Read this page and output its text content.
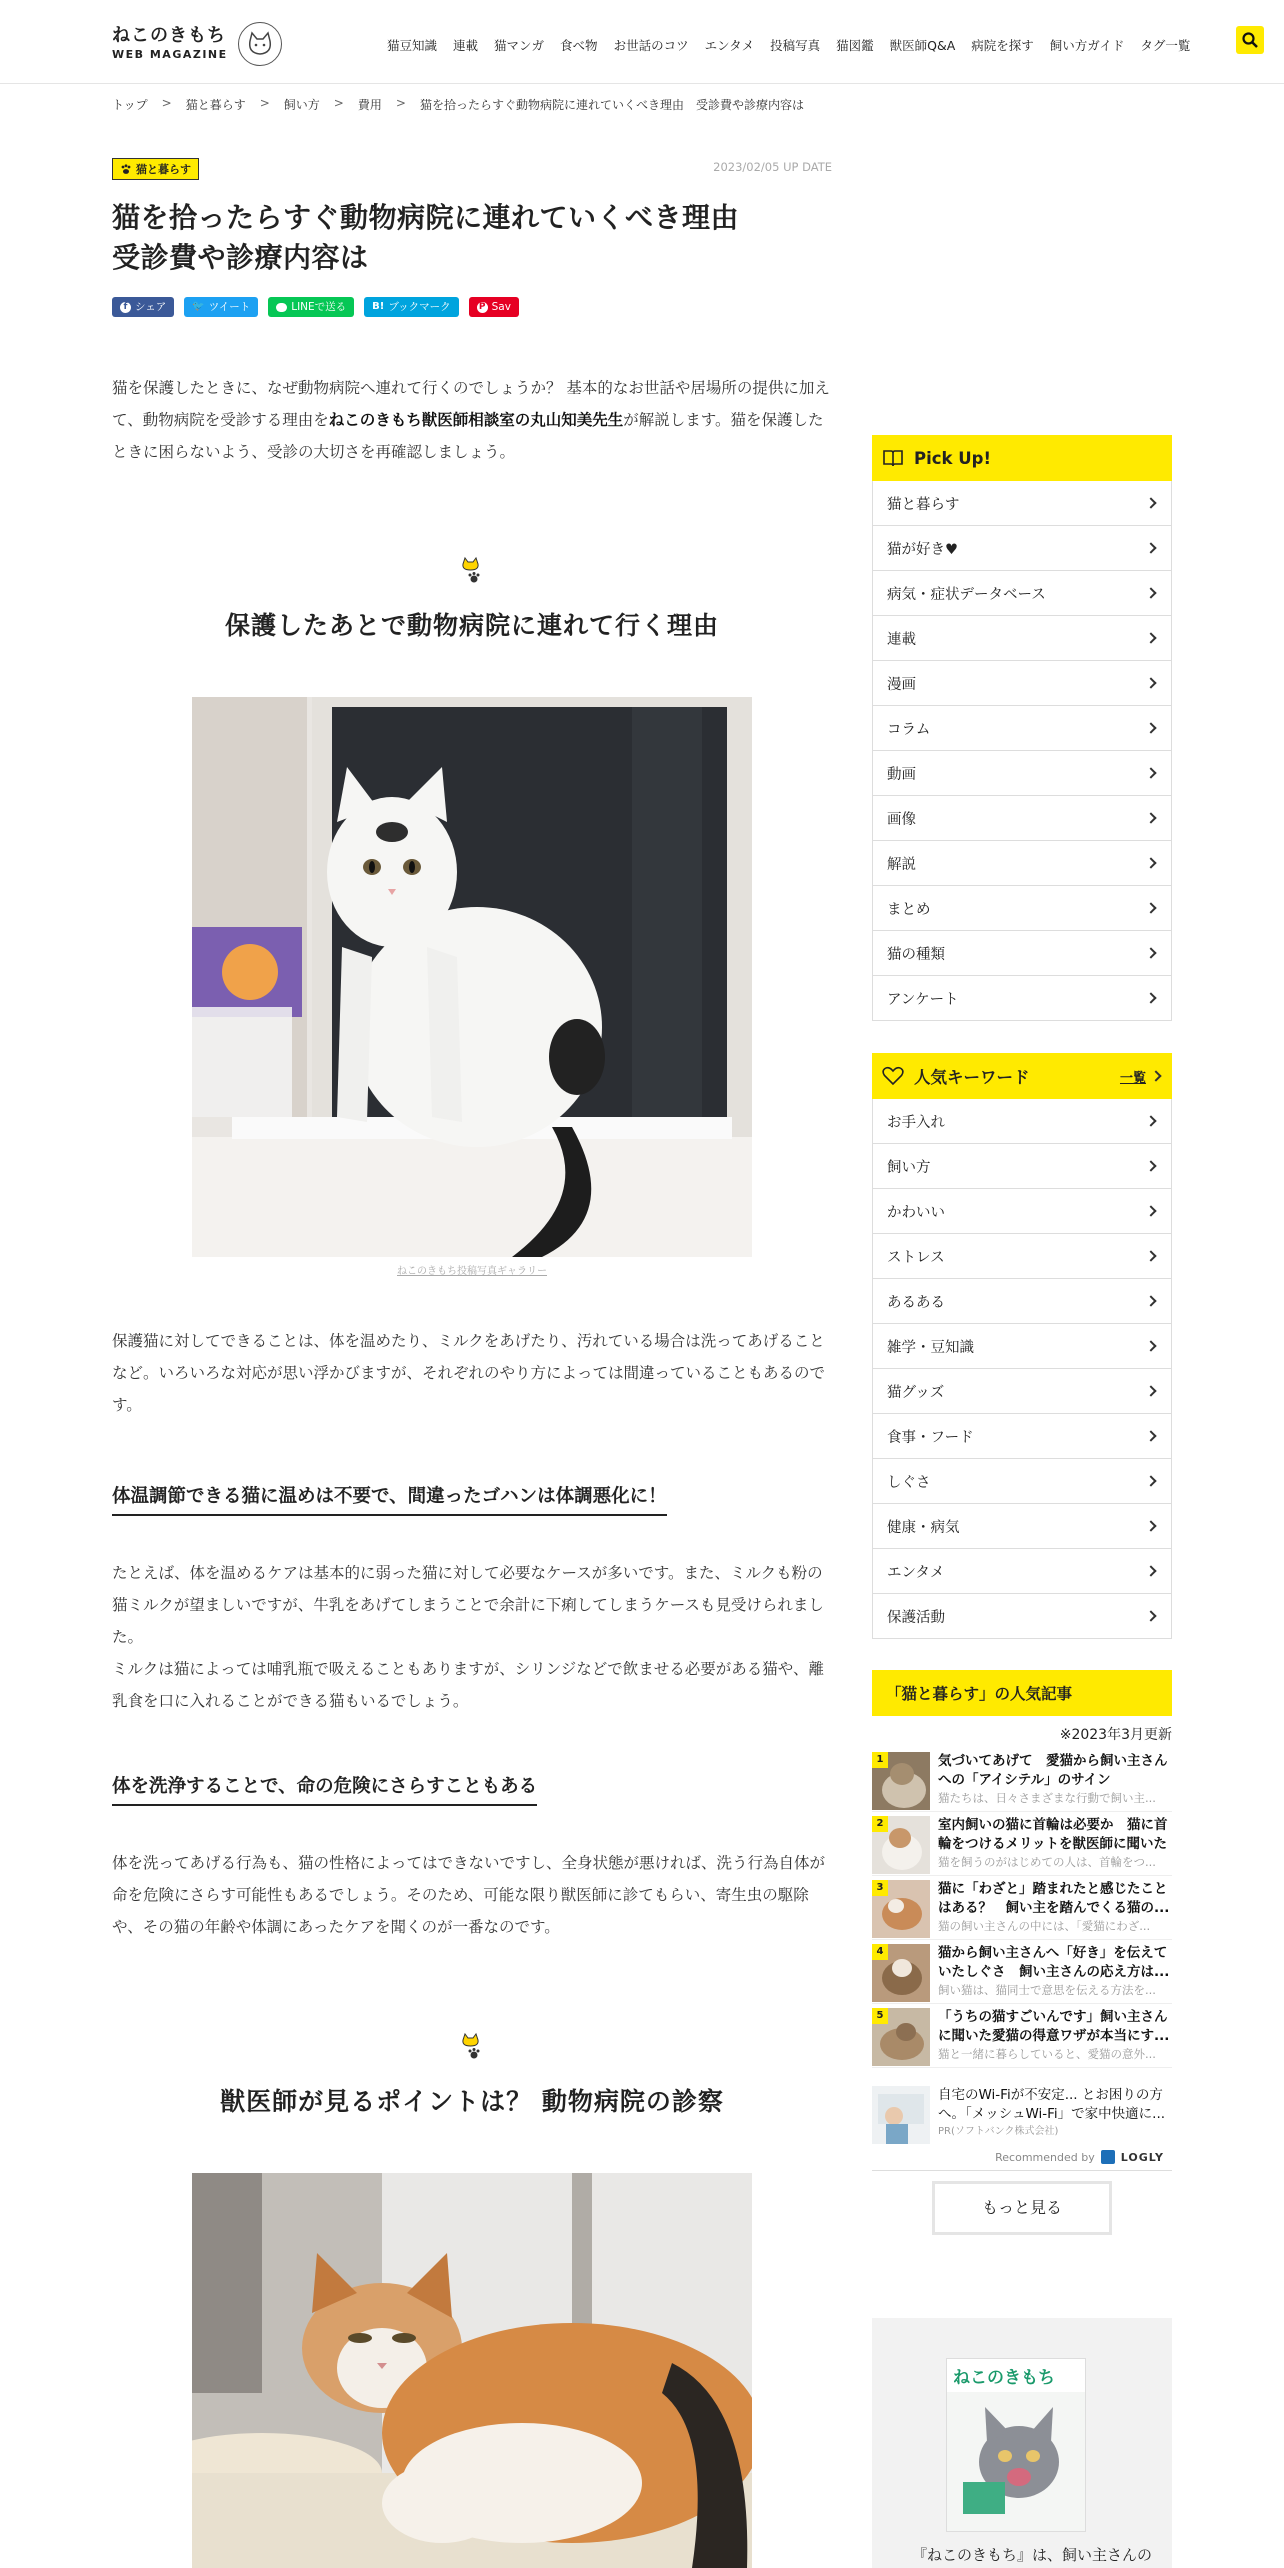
ねこのきもち
WEB MAGAZINE
猫豆知識 連載 猫マンガ 食べ物 お世話のコツ エンタメ 投稿写真 猫図鑑 獣医師Q&A 病院を探す 飼い方ガイド タグ一覧
トップ > 猫と暮らす > 飼い方 > 費用 > 猫を拾ったらすぐ動物病院に連れていくべき理由　受診費や診療内容は
猫と暮らす	2023/02/05 UP DATE
猫を拾ったらすぐ動物病院に連れていくべき理由
受診費や診療内容は
f シェア	🐦 ツイート	LINEで送る	B! ブックマーク	P Sav

猫を保護したときに、なぜ動物病院へ連れて行くのでしょうか？ 基本的なお世話や居場所の提供に加えて、動物病院を受診する理由をねこのきもち獣医師相談室の丸山知美先生が解説します。猫を保護したときに困らないよう、受診の大切さを再確認しましょう。

保護したあとで動物病院に連れて行く理由
ねこのきもち投稿写真ギャラリー

保護猫に対してできることは、体を温めたり、ミルクをあげたり、汚れている場合は洗ってあげることなど。いろいろな対応が思い浮かびますが、それぞれのやり方によっては間違っていることもあるのです。

体温調節できる猫に温めは不要で、間違ったゴハンは体調悪化に！

たとえば、体を温めるケアは基本的に弱った猫に対して必要なケースが多いです。また、ミルクも粉の猫ミルクが望ましいですが、牛乳をあげてしまうことで余計に下痢してしまうケースも見受けられました。

ミルクは猫によっては哺乳瓶で吸えることもありますが、シリンジなどで飲ませる必要がある猫や、離乳食を口に入れることができる猫もいるでしょう。

体を洗浄することで、命の危険にさらすこともある

体を洗ってあげる行為も、猫の性格によってはできないですし、全身状態が悪ければ、洗う行為自体が命を危険にさらす可能性もあるでしょう。そのため、可能な限り獣医師に診てもらい、寄生虫の駆除や、その猫の年齢や体調にあったケアを聞くのが一番なのです。

獣医師が見るポイントは？ 動物病院の診察
Pick Up!
猫と暮らす
猫が好き♥
病気・症状データベース
連載
漫画
コラム
動画
画像
解説
まとめ
猫の種類
アンケート
人気キーワード	一覧
お手入れ
飼い方
かわいい
ストレス
あるある
雑学・豆知識
猫グッズ
食事・フード
しぐさ
健康・病気
エンタメ
保護活動
「猫と暮らす」の人気記事
※2023年3月更新
1	気づいてあげて　愛猫から飼い主さんへの「アイシテル」のサイン
猫たちは、日々さまざまな行動で飼い主...
2	室内飼いの猫に首輪は必要か　猫に首輪をつけるメリットを獣医師に聞いた
猫を飼うのがはじめての人は、首輪をつ...
3	猫に「わざと」踏まれたと感じたことはある？　飼い主を踏んでくる猫の...
猫の飼い主さんの中には、「愛猫にわざ...
4	猫から飼い主さんへ「好き」を伝えていたしぐさ　飼い主さんの応え方は...
飼い猫は、猫同士で意思を伝える方法を...
5	「うちの猫すごいんです」飼い主さんに聞いた愛猫の得意ワザが本当にす...
猫と一緒に暮らしていると、愛猫の意外...
自宅のWi-Fiが不安定... とお困りの方へ。「メッシュWi-Fi」で家中快適に...
PR(ソフトバンク株式会社)
Recommended by LOGLY
もっと見る
ねこのきもち
『ねこのきもち』は、飼い主さんの
